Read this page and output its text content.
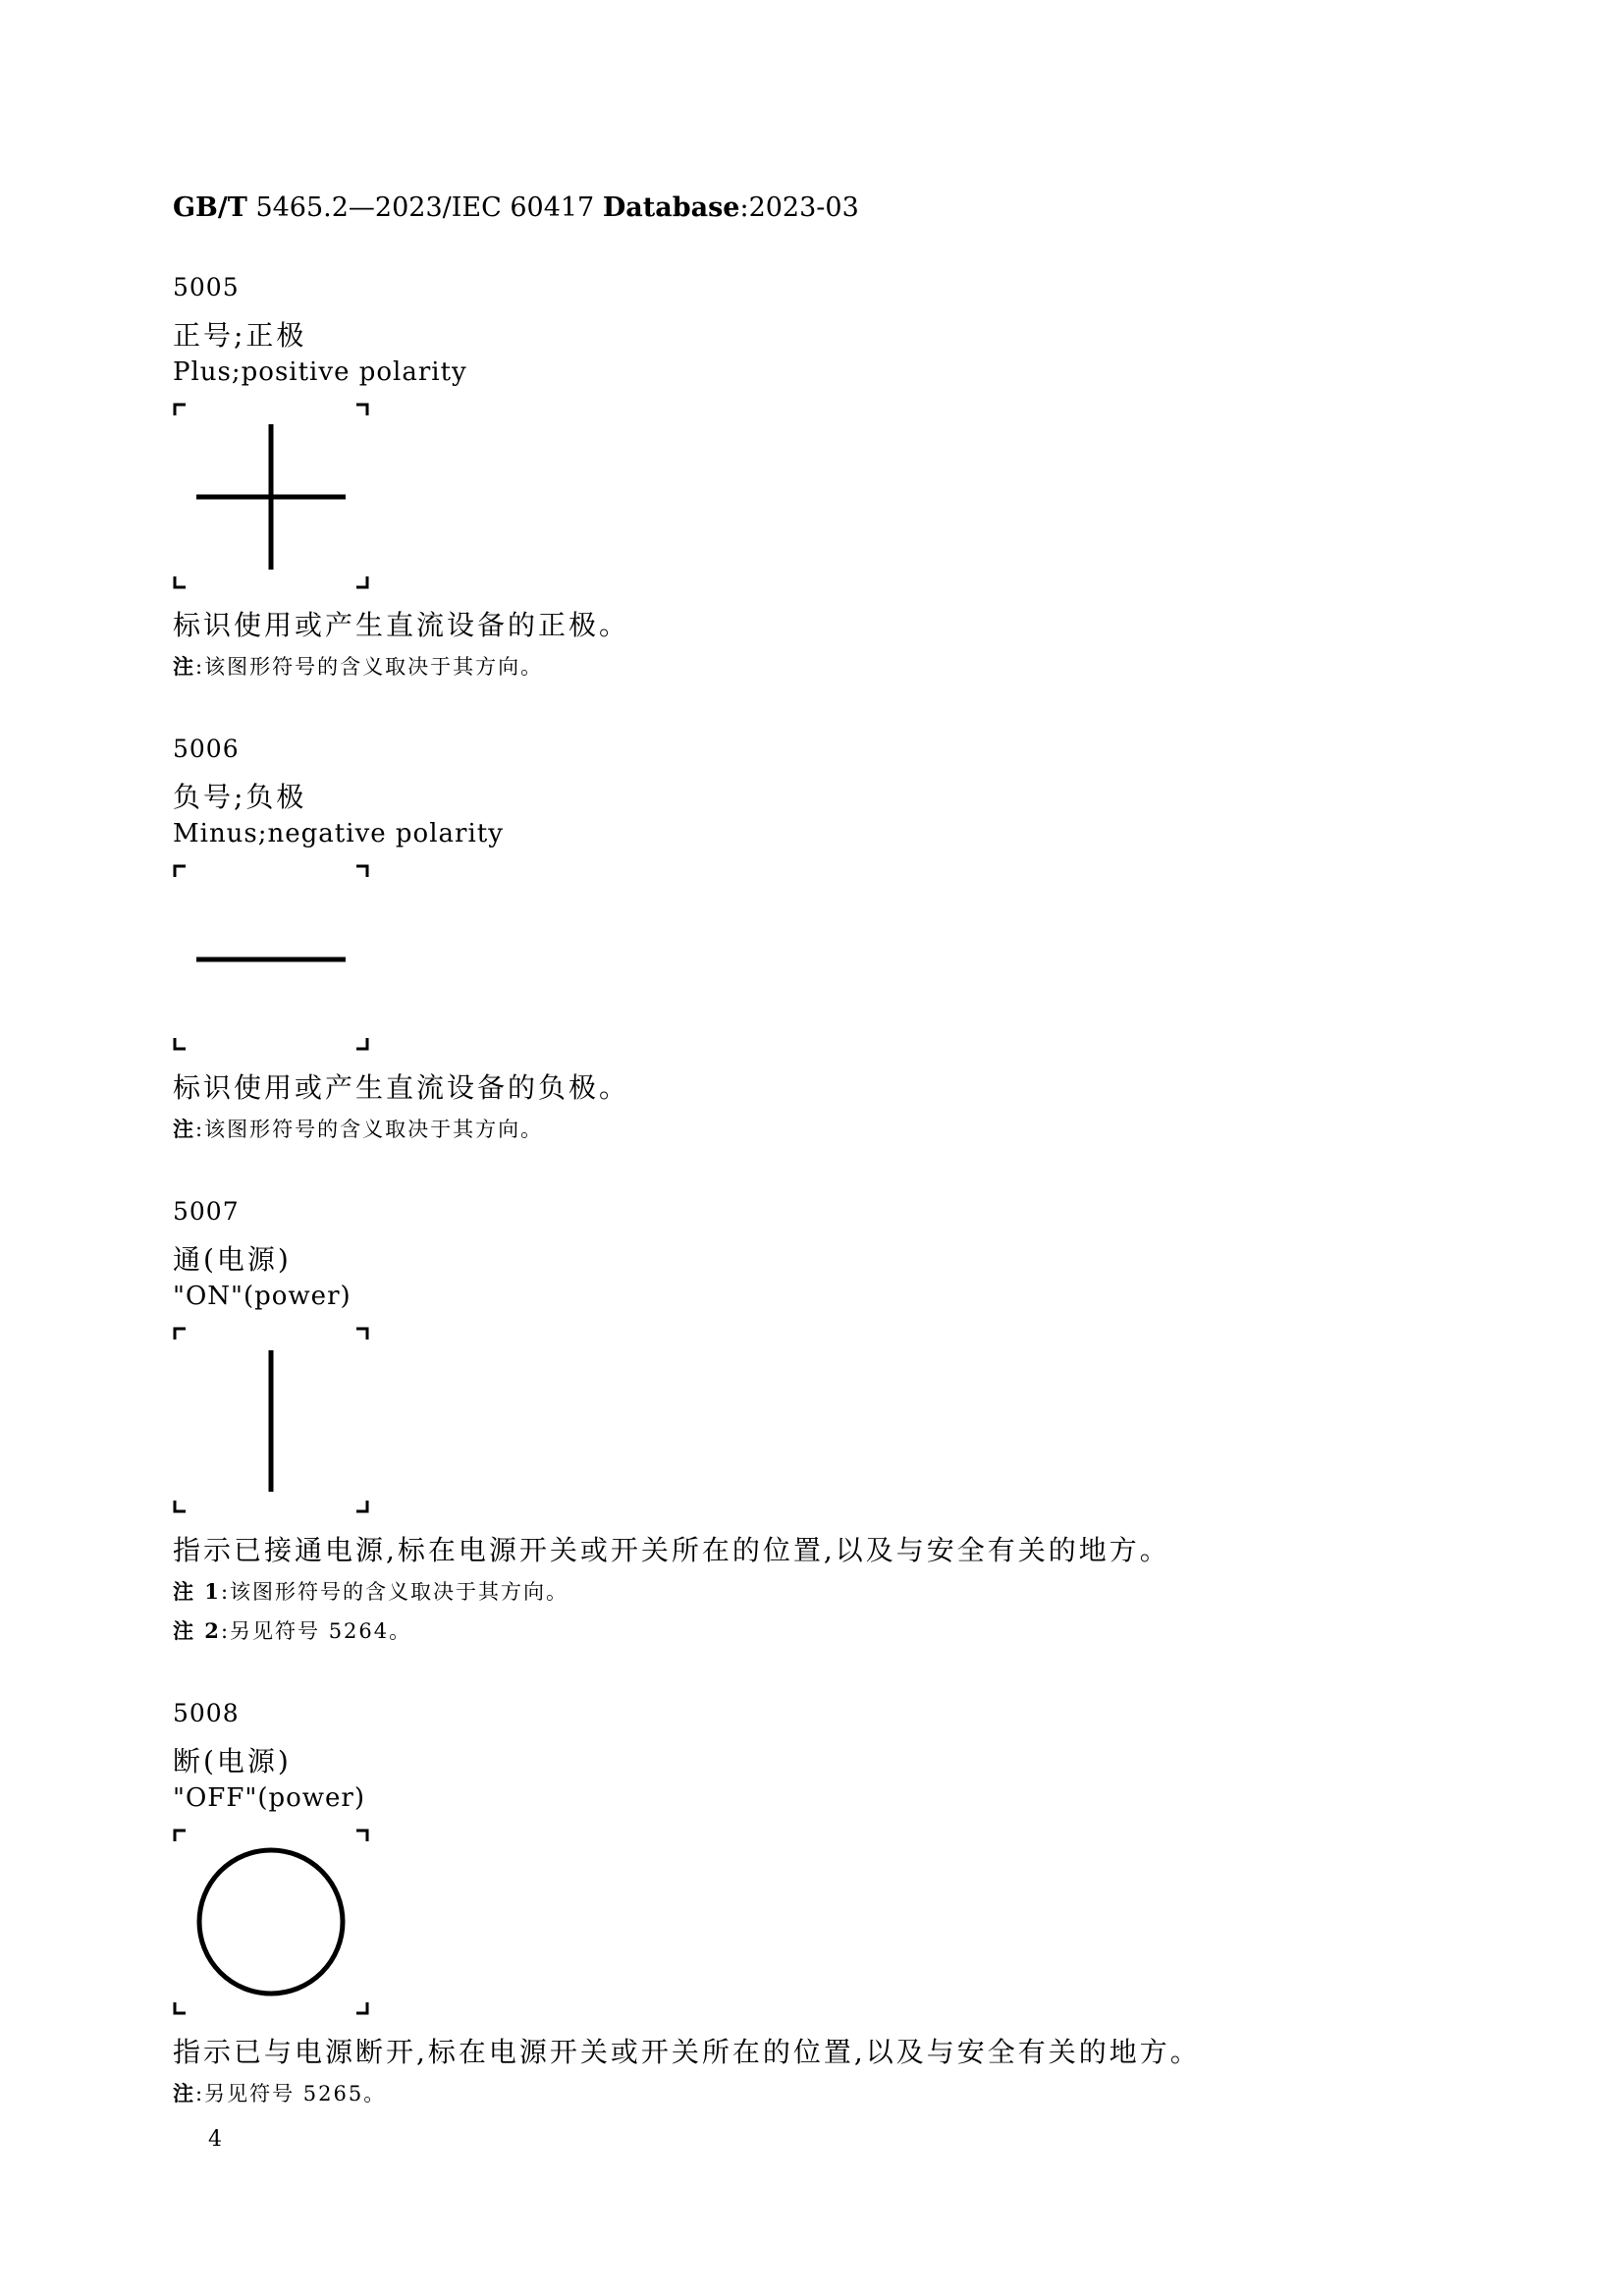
GB/T 5465.2—2023/IEC 60417 Database:2023-03
5005
正号;正极
Plus;positive polarity
标识使用或产生直流设备的正极。
注:该图形符号的含义取决于其方向。
5006
负号;负极
Minus;negative polarity
标识使用或产生直流设备的负极。
注:该图形符号的含义取决于其方向。
5007
通(电源)
"ON"(power)
指示已接通电源,标在电源开关或开关所在的位置,以及与安全有关的地方。
注 1:该图形符号的含义取决于其方向。
注 2:另见符号 5264。
5008
断(电源)
"OFF"(power)
指示已与电源断开,标在电源开关或开关所在的位置,以及与安全有关的地方。
注:另见符号 5265。
4
